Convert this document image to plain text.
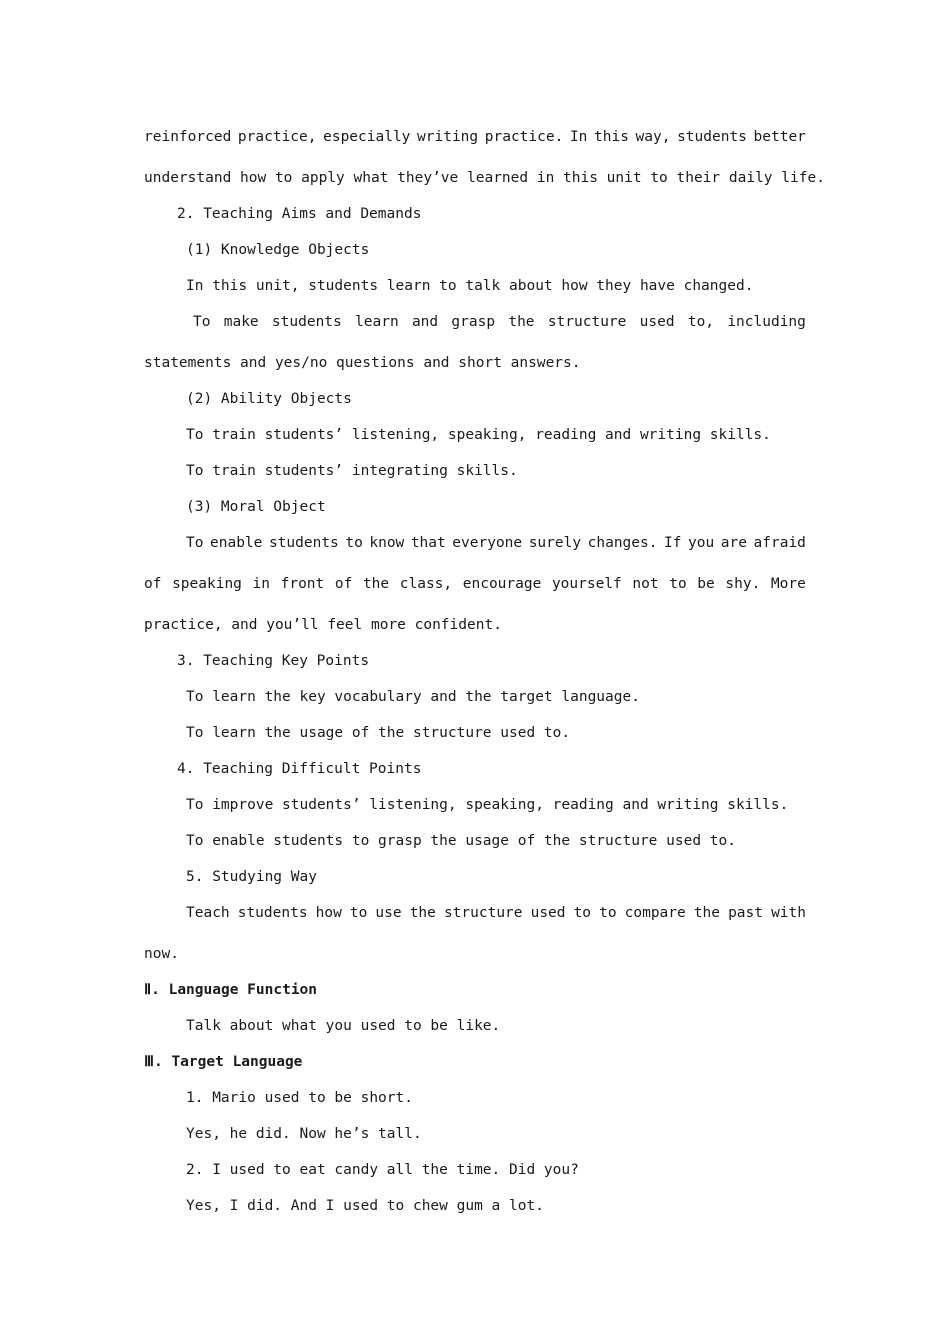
reinforced practice, especially writing practice. In this way, students better

understand how to apply what they’ve learned in this unit to their daily life.

2. Teaching Aims and Demands

(1) Knowledge Objects

In this unit, students learn to talk about how they have changed.

To make students learn and grasp the structure used to, including

statements and yes/no questions and short answers.

(2) Ability Objects

To train students’ listening, speaking, reading and writing skills.

To train students’ integrating skills.

(3) Moral Object

To enable students to know that everyone surely changes. If you are afraid

of speaking in front of the class, encourage yourself not to be shy. More

practice, and you’ll feel more confident.

3. Teaching Key Points

To learn the key vocabulary and the target language.

To learn the usage of the structure used to.

4. Teaching Difficult Points

To improve students’ listening, speaking, reading and writing skills.

To enable students to grasp the usage of the structure used to.

5. Studying Way

Teach students how to use the structure used to to compare the past with

now.

Ⅱ. Language Function

Talk about what you used to be like.

Ⅲ. Target Language

1. Mario used to be short.

Yes, he did. Now he’s tall.

2. I used to eat candy all the time. Did you?

Yes, I did. And I used to chew gum a lot.
